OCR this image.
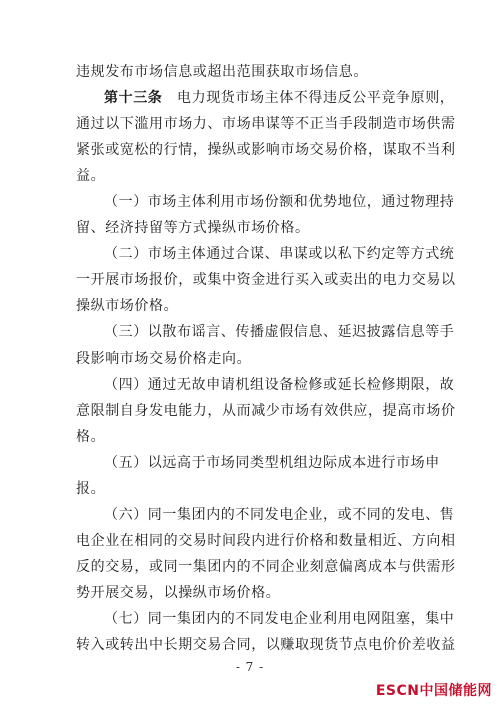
违规发布市场信息或超出范围获取市场信息。
第十三条　电力现货市场主体不得违反公平竞争原则，
通过以下滥用市场力、市场串谋等不正当手段制造市场供需
紧张或宽松的行情，操纵或影响市场交易价格，谋取不当利
益。
（一）市场主体利用市场份额和优势地位，通过物理持
留、经济持留等方式操纵市场价格。
（二）市场主体通过合谋、串谋或以私下约定等方式统
一开展市场报价，或集中资金进行买入或卖出的电力交易以
操纵市场价格。
（三）以散布谣言、传播虚假信息、延迟披露信息等手
段影响市场交易价格走向。
（四）通过无故申请机组设备检修或延长检修期限，故
意限制自身发电能力，从而减少市场有效供应，提高市场价
格。
（五）以远高于市场同类型机组边际成本进行市场申
报。
（六）同一集团内的不同发电企业，或不同的发电、售
电企业在相同的交易时间段内进行价格和数量相近、方向相
反的交易，或同一集团内的不同企业刻意偏离成本与供需形
势开展交易，以操纵市场价格。
（七）同一集团内的不同发电企业利用电网阻塞，集中
转入或转出中长期交易合同，以赚取现货节点电价价差收益
- 7 -
ESCN中国储能网
